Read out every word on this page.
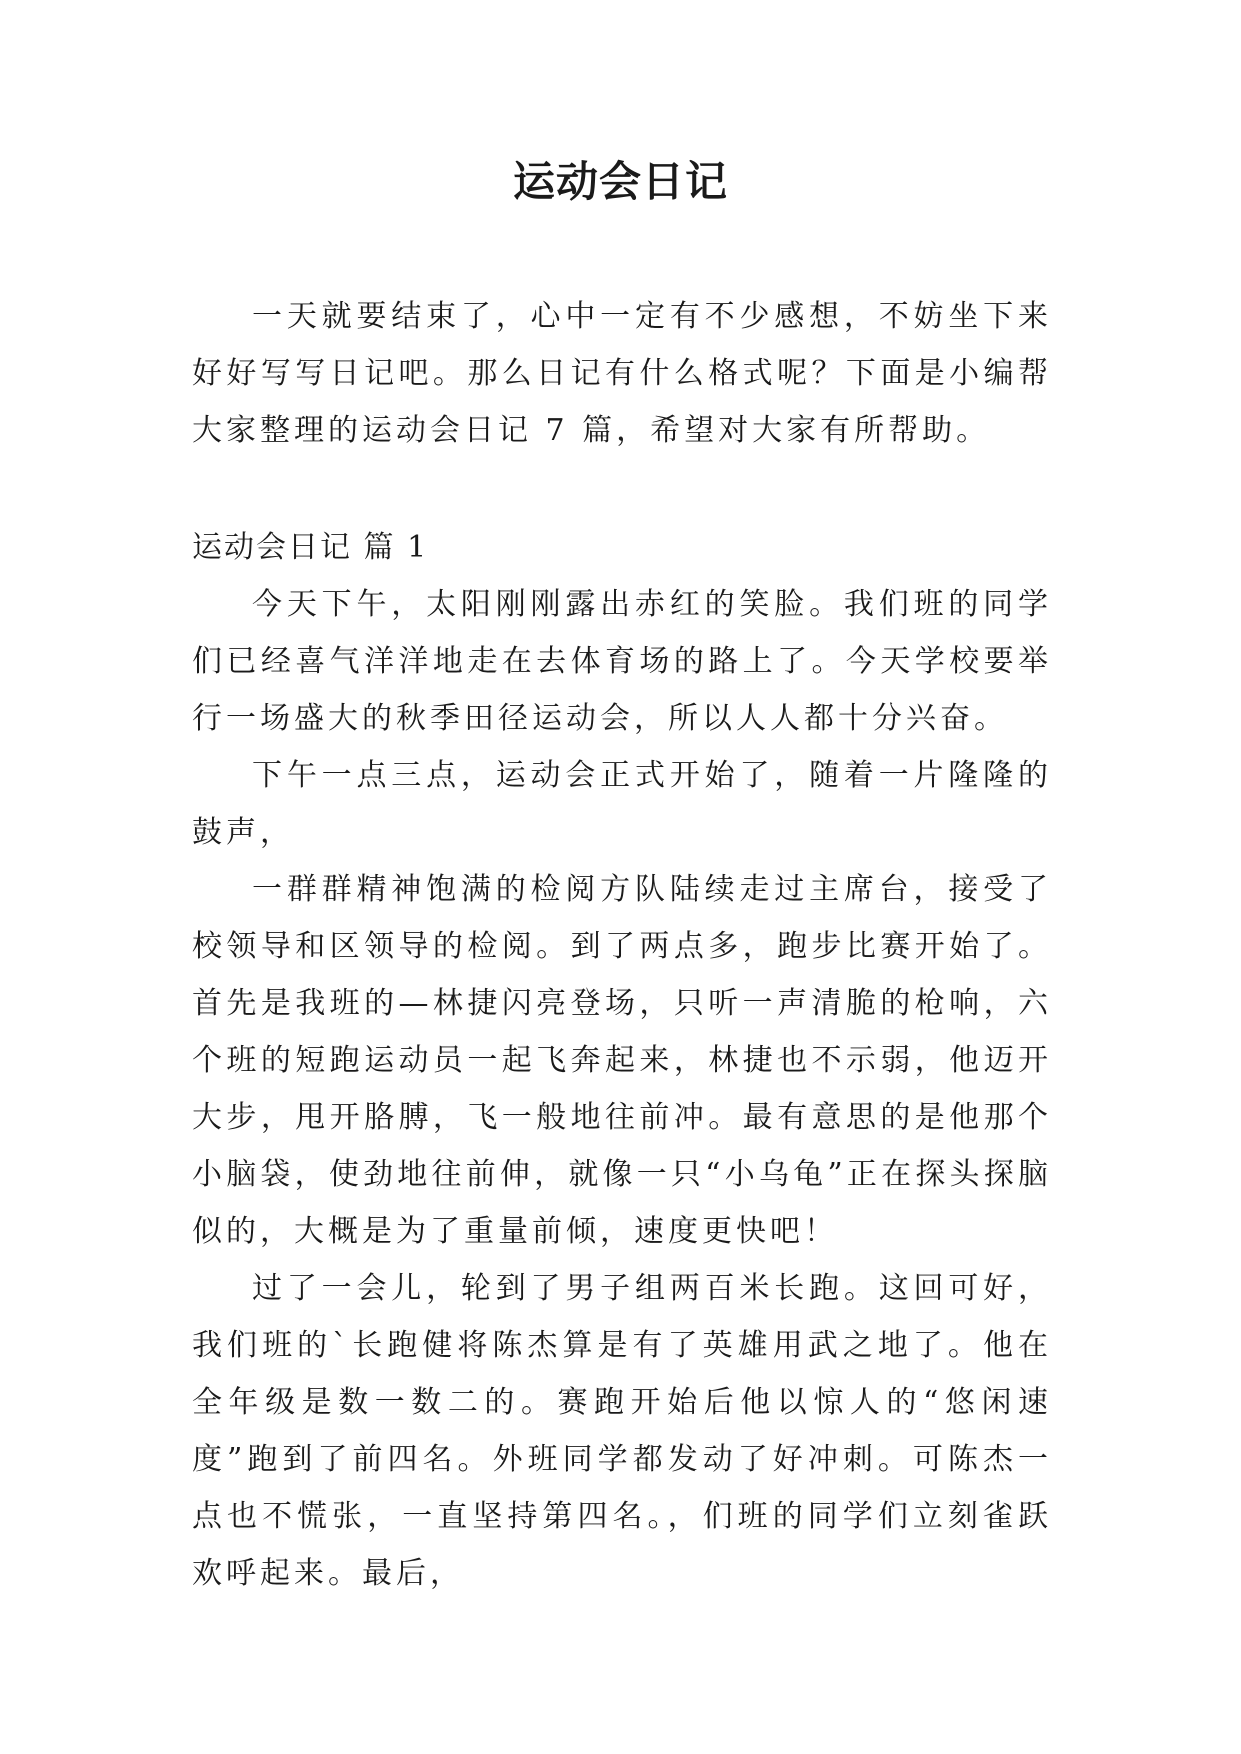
运动会日记

一天就要结束了，心中一定有不少感想，不妨坐下来好好写写日记吧。那么日记有什么格式呢？下面是小编帮大家整理的运动会日记 7 篇，希望对大家有所帮助。

运动会日记 篇 1

今天下午，太阳刚刚露出赤红的笑脸。我们班的同学们已经喜气洋洋地走在去体育场的路上了。今天学校要举行一场盛大的秋季田径运动会，所以人人都十分兴奋。

下午一点三点，运动会正式开始了，随着一片隆隆的鼓声，

一群群精神饱满的检阅方队陆续走过主席台，接受了校领导和区领导的检阅。到了两点多，跑步比赛开始了。首先是我班的—林捷闪亮登场，只听一声清脆的枪响，六个班的短跑运动员一起飞奔起来，林捷也不示弱，他迈开大步，甩开胳膊，飞一般地往前冲。最有意思的是他那个小脑袋，使劲地往前伸，就像一只“小乌龟”正在探头探脑似的，大概是为了重量前倾，速度更快吧！

过了一会儿，轮到了男子组两百米长跑。这回可好，我们班的`长跑健将陈杰算是有了英雄用武之地了。他在全年级是数一数二的。赛跑开始后他以惊人的“悠闲速度”跑到了前四名。外班同学都发动了好冲刺。可陈杰一点也不慌张，一直坚持第四名。，们班的同学们立刻雀跃欢呼起来。最后，
